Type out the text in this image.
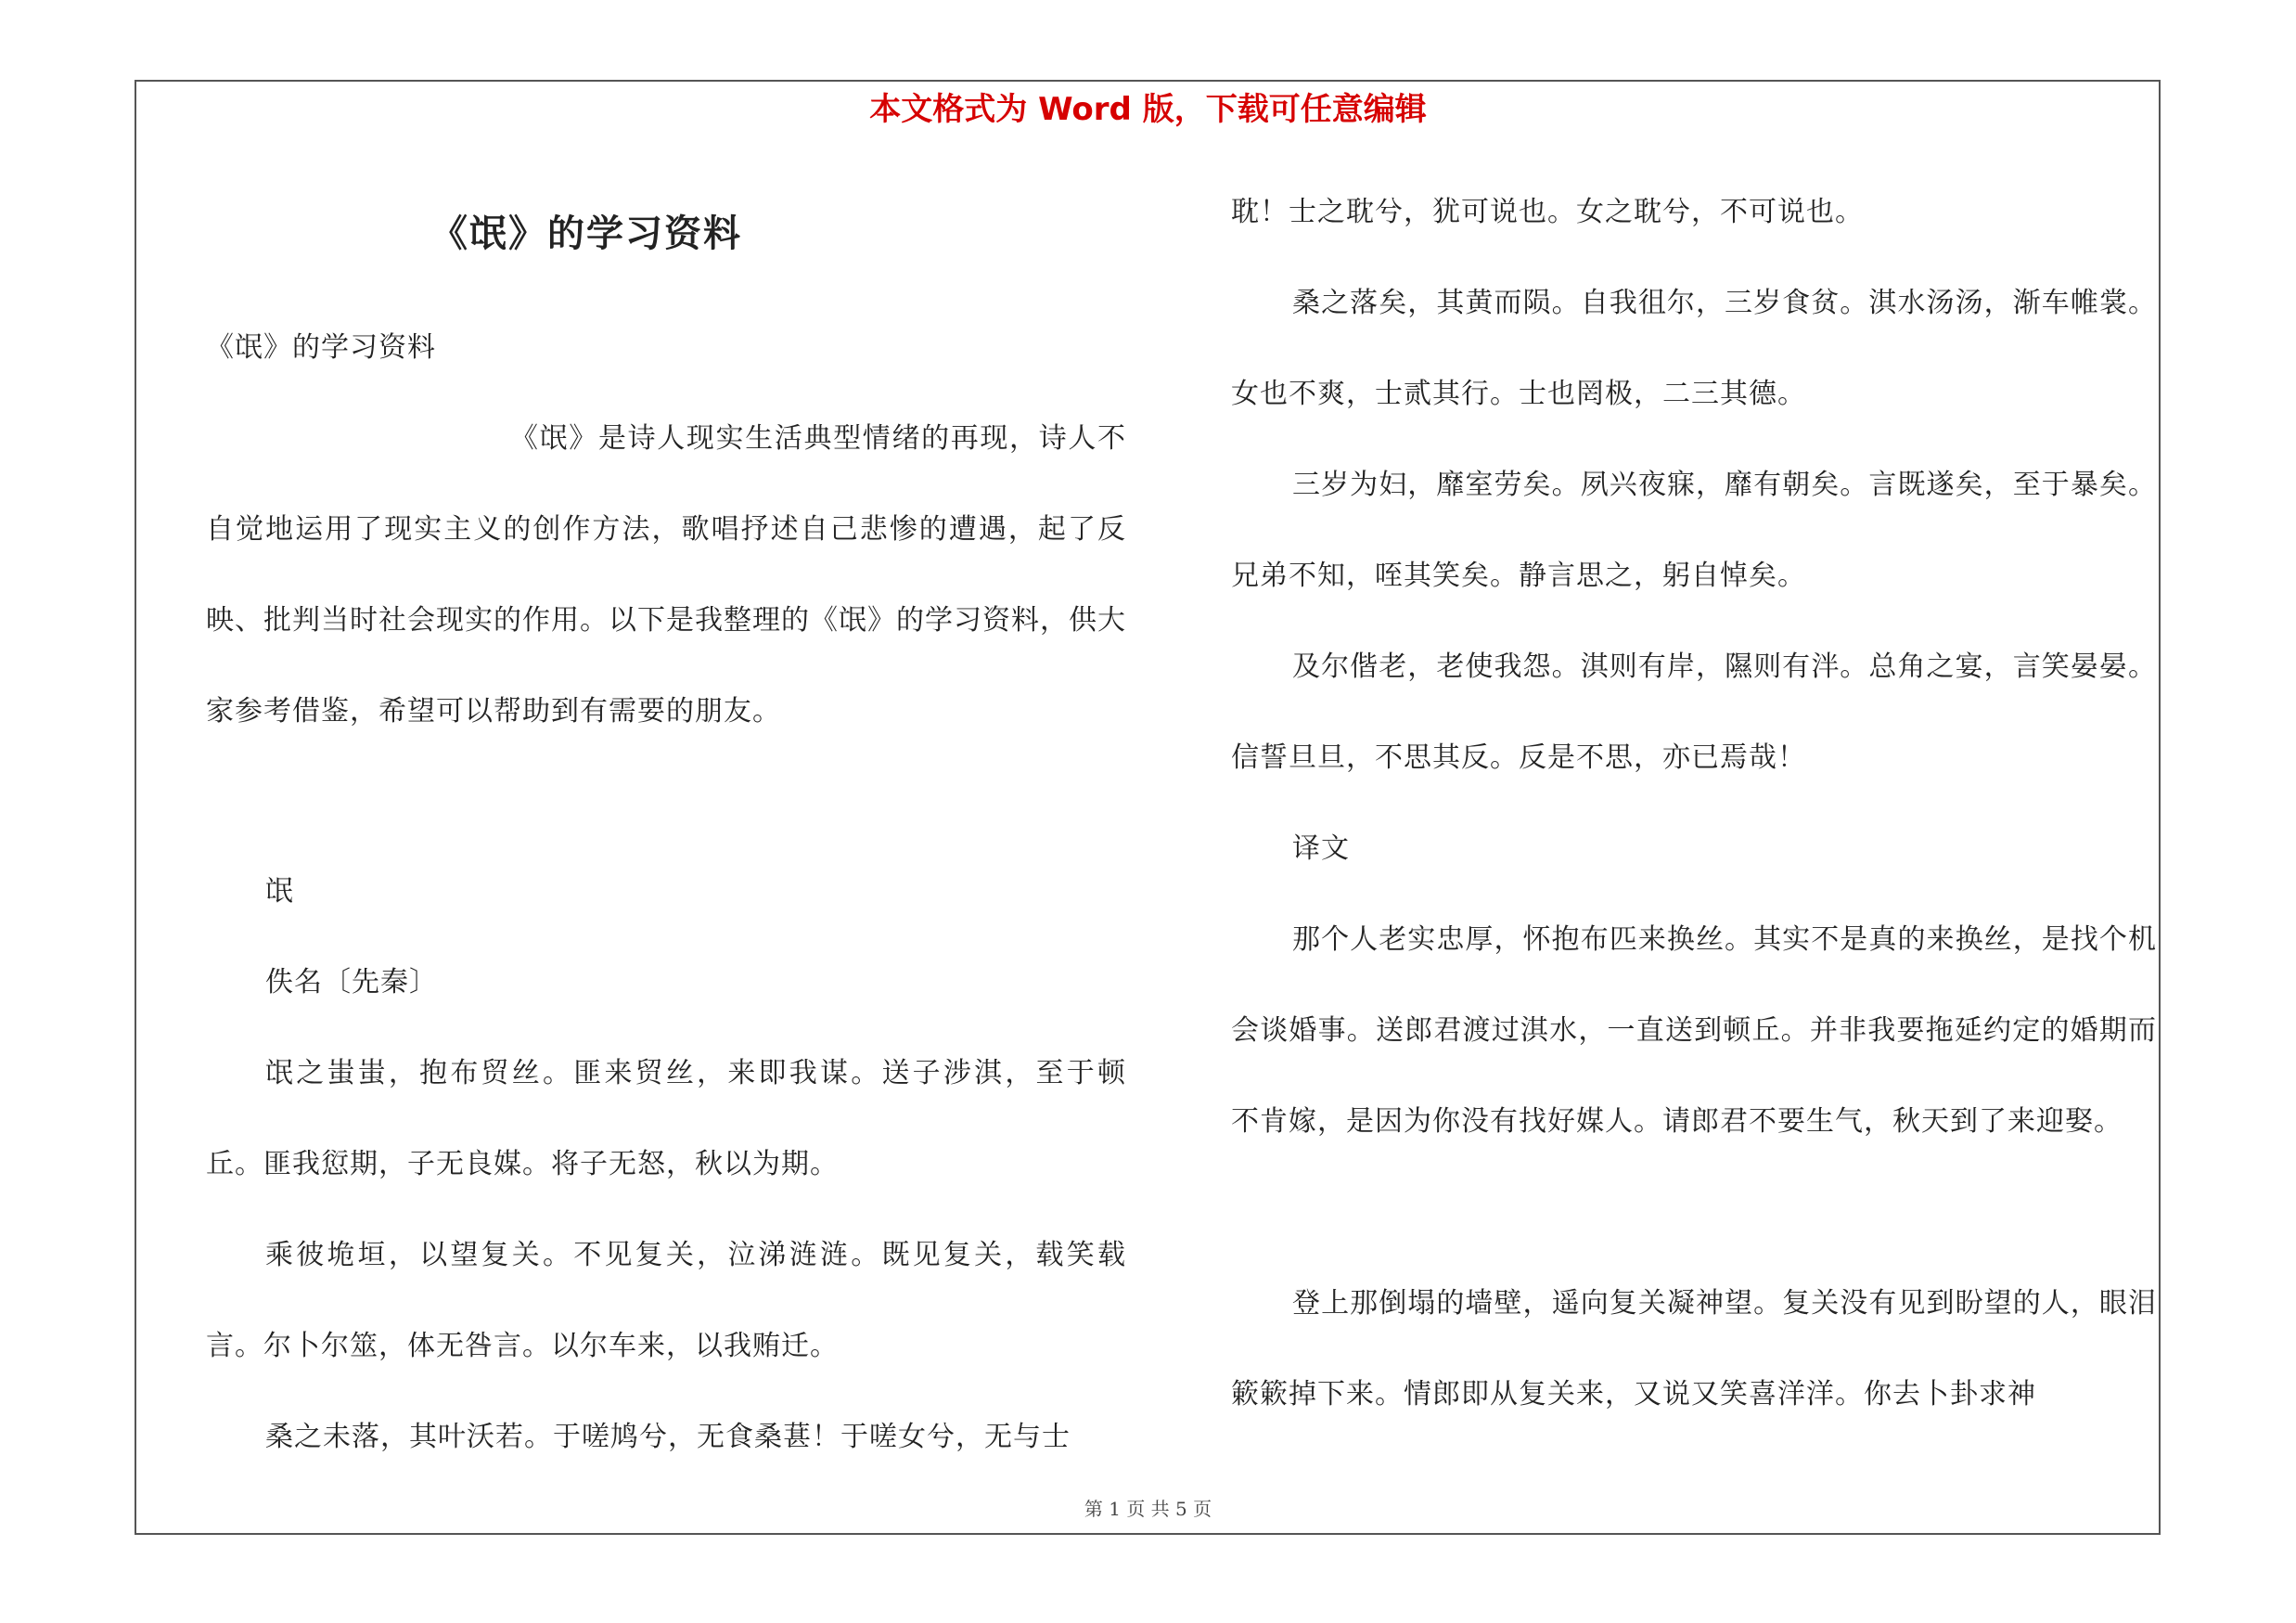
本文格式为 Word 版，下载可任意编辑
《氓》的学习资料
《氓》的学习资料
《氓》是诗人现实生活典型情绪的再现，诗人不自觉地运用了现实主义的创作方法，歌唱抒述自己悲惨的遭遇，起了反映、批判当时社会现实的作用。以下是我整理的《氓》的学习资料，供大家参考借鉴，希望可以帮助到有需要的朋友。
氓
佚名〔先秦〕
氓之蚩蚩，抱布贸丝。匪来贸丝，来即我谋。送子涉淇，至于顿丘。匪我愆期，子无良媒。将子无怒，秋以为期。
乘彼垝垣，以望复关。不见复关，泣涕涟涟。既见复关，载笑载言。尔卜尔筮，体无咎言。以尔车来，以我贿迁。
桑之未落，其叶沃若。于嗟鸠兮，无食桑葚！于嗟女兮，无与士
耽！士之耽兮，犹可说也。女之耽兮，不可说也。
桑之落矣，其黄而陨。自我徂尔，三岁食贫。淇水汤汤，渐车帷裳。女也不爽，士贰其行。士也罔极，二三其德。
三岁为妇，靡室劳矣。夙兴夜寐，靡有朝矣。言既遂矣，至于暴矣。兄弟不知，咥其笑矣。静言思之，躬自悼矣。
及尔偕老，老使我怨。淇则有岸，隰则有泮。总角之宴，言笑晏晏。信誓旦旦，不思其反。反是不思，亦已焉哉！
译文
那个人老实忠厚，怀抱布匹来换丝。其实不是真的来换丝，是找个机会谈婚事。送郎君渡过淇水，一直送到顿丘。并非我要拖延约定的婚期而不肯嫁，是因为你没有找好媒人。请郎君不要生气，秋天到了来迎娶。
登上那倒塌的墙壁，遥向复关凝神望。复关没有见到盼望的人，眼泪簌簌掉下来。情郎即从复关来，又说又笑喜洋洋。你去卜卦求神
第 1 页 共 5 页
